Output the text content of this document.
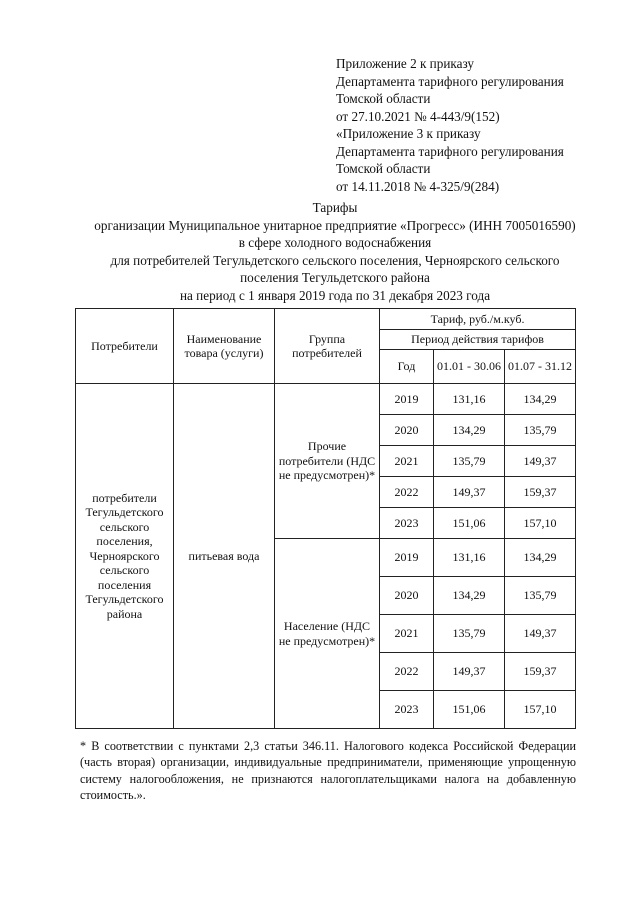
Приложение 2 к приказу
Департамента тарифного регулирования
Томской области
от 27.10.2021 № 4-443/9(152)
«Приложение 3 к приказу
Департамента тарифного регулирования
Томской области
от 14.11.2018 № 4-325/9(284)
Тарифы
организации Муниципальное унитарное предприятие «Прогресс» (ИНН 7005016590)
в сфере холодного водоснабжения
для потребителей Тегульдетского сельского поселения, Черноярского сельского
поселения Тегульдетского района
на период с 1 января 2019 года по 31 декабря 2023 года
Потребители	Наименование товара (услуги)	Группа потребителей	Тариф, руб./м.куб.		
			Период действия тарифов		
			Год	01.01 - 30.06	01.07 - 31.12
потребители Тегульдетского сельского поселения, Черноярского сельского поселения Тегульдетского района	питьевая вода	Прочие потребители (НДС не предусмотрен)*	2019	131,16	134,29
			2020	134,29	135,79
			2021	135,79	149,37
			2022	149,37	159,37
			2023	151,06	157,10
		Население (НДС не предусмотрен)*	2019	131,16	134,29
			2020	134,29	135,79
			2021	135,79	149,37
			2022	149,37	159,37
			2023	151,06	157,10
* В соответствии с пунктами 2,3 статьи 346.11. Налогового кодекса Российской Федерации (часть вторая) организации, индивидуальные предприниматели, применяющие упрощенную систему налогообложения, не признаются налогоплательщиками налога на добавленную стоимость.».
